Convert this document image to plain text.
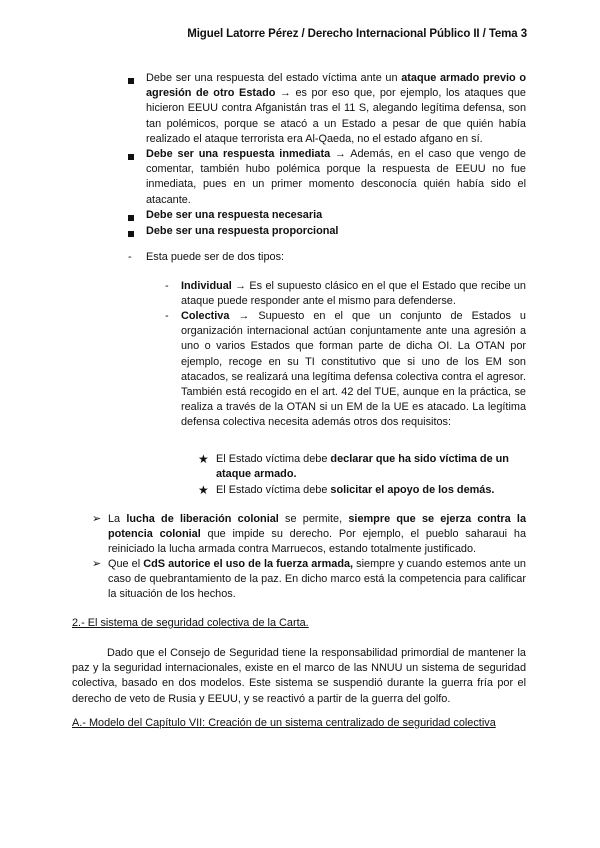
Miguel Latorre Pérez / Derecho Internacional Público II / Tema 3
Debe ser una respuesta del estado víctima ante un ataque armado previo o agresión de otro Estado → es por eso que, por ejemplo, los ataques que hicieron EEUU contra Afganistán tras el 11 S, alegando legítima defensa, son tan polémicos, porque se atacó a un Estado a pesar de que quién había realizado el ataque terrorista era Al-Qaeda, no el estado afgano en sí.
Debe ser una respuesta inmediata → Además, en el caso que vengo de comentar, también hubo polémica porque la respuesta de EEUU no fue inmediata, pues en un primer momento desconocía quién había sido el atacante.
Debe ser una respuesta necesaria
Debe ser una respuesta proporcional
- Esta puede ser de dos tipos:
- Individual → Es el supuesto clásico en el que el Estado que recibe un ataque puede responder ante el mismo para defenderse.
- Colectiva → Supuesto en el que un conjunto de Estados u organización internacional actúan conjuntamente ante una agresión a uno o varios Estados que forman parte de dicha OI. La OTAN por ejemplo, recoge en su TI constitutivo que si uno de los EM son atacados, se realizará una legítima defensa colectiva contra el agresor. También está recogido en el art. 42 del TUE, aunque en la práctica, se realiza a través de la OTAN si un EM de la UE es atacado. La legítima defensa colectiva necesita además otros dos requisitos:
★ El Estado víctima debe declarar que ha sido víctima de un ataque armado.
★ El Estado víctima debe solicitar el apoyo de los demás.
➢ La lucha de liberación colonial se permite, siempre que se ejerza contra la potencia colonial que impide su derecho. Por ejemplo, el pueblo saharaui ha reiniciado la lucha armada contra Marruecos, estando totalmente justificado.
➢ Que el CdS autorice el uso de la fuerza armada, siempre y cuando estemos ante un caso de quebrantamiento de la paz. En dicho marco está la competencia para calificar la situación de los hechos.
2.- El sistema de seguridad colectiva de la Carta.
Dado que el Consejo de Seguridad tiene la responsabilidad primordial de mantener la paz y la seguridad internacionales, existe en el marco de las NNUU un sistema de seguridad colectiva, basado en dos modelos. Este sistema se suspendió durante la guerra fría por el derecho de veto de Rusia y EEUU, y se reactivó a partir de la guerra del golfo.
A.- Modelo del Capítulo VII: Creación de un sistema centralizado de seguridad colectiva
